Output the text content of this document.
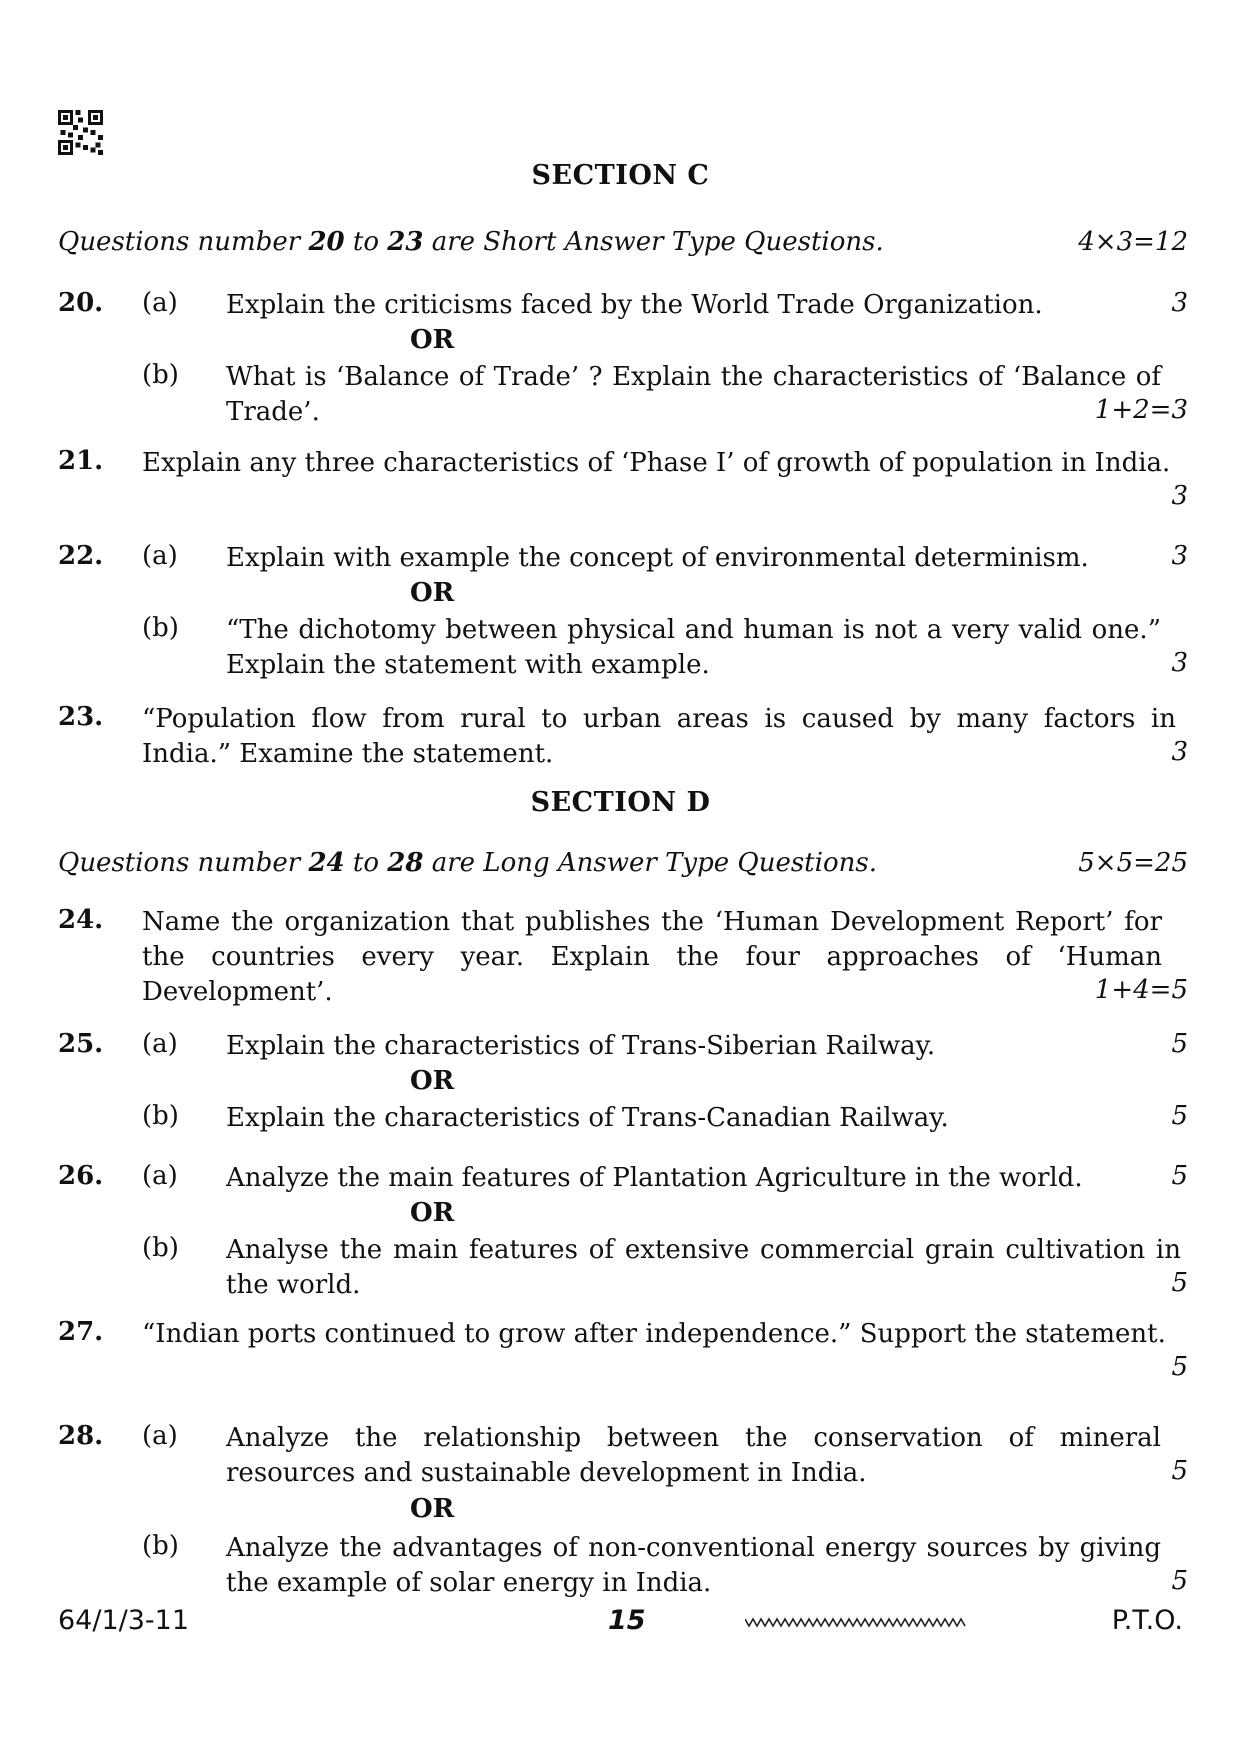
SECTION C
Questions number 20 to 23 are Short Answer Type Questions.	4×3=12
20. (a) Explain the criticisms faced by the World Trade Organization.	3
OR
(b) What is ‘Balance of Trade’ ? Explain the characteristics of ‘Balance of Trade’.	1+2=3
21. Explain any three characteristics of ‘Phase I’ of growth of population in India.
3
22. (a) Explain with example the concept of environmental determinism.	3
OR
(b) “The dichotomy between physical and human is not a very valid one.” Explain the statement with example.	3
23. “Population flow from rural to urban areas is caused by many factors in India.” Examine the statement.	3
SECTION D
Questions number 24 to 28 are Long Answer Type Questions.	5×5=25
24. Name the organization that publishes the ‘Human Development Report’ for the countries every year. Explain the four approaches of ‘Human Development’.	1+4=5
25. (a) Explain the characteristics of Trans-Siberian Railway.	5
OR
(b) Explain the characteristics of Trans-Canadian Railway.	5
26. (a) Analyze the main features of Plantation Agriculture in the world.	5
OR
(b) Analyse the main features of extensive commercial grain cultivation in the world.	5
27. “Indian ports continued to grow after independence.” Support the statement.
5
28. (a) Analyze the relationship between the conservation of mineral resources and sustainable development in India.	5
OR
(b) Analyze the advantages of non-conventional energy sources by giving the example of solar energy in India.	5
64/1/3-11	15	P.T.O.
